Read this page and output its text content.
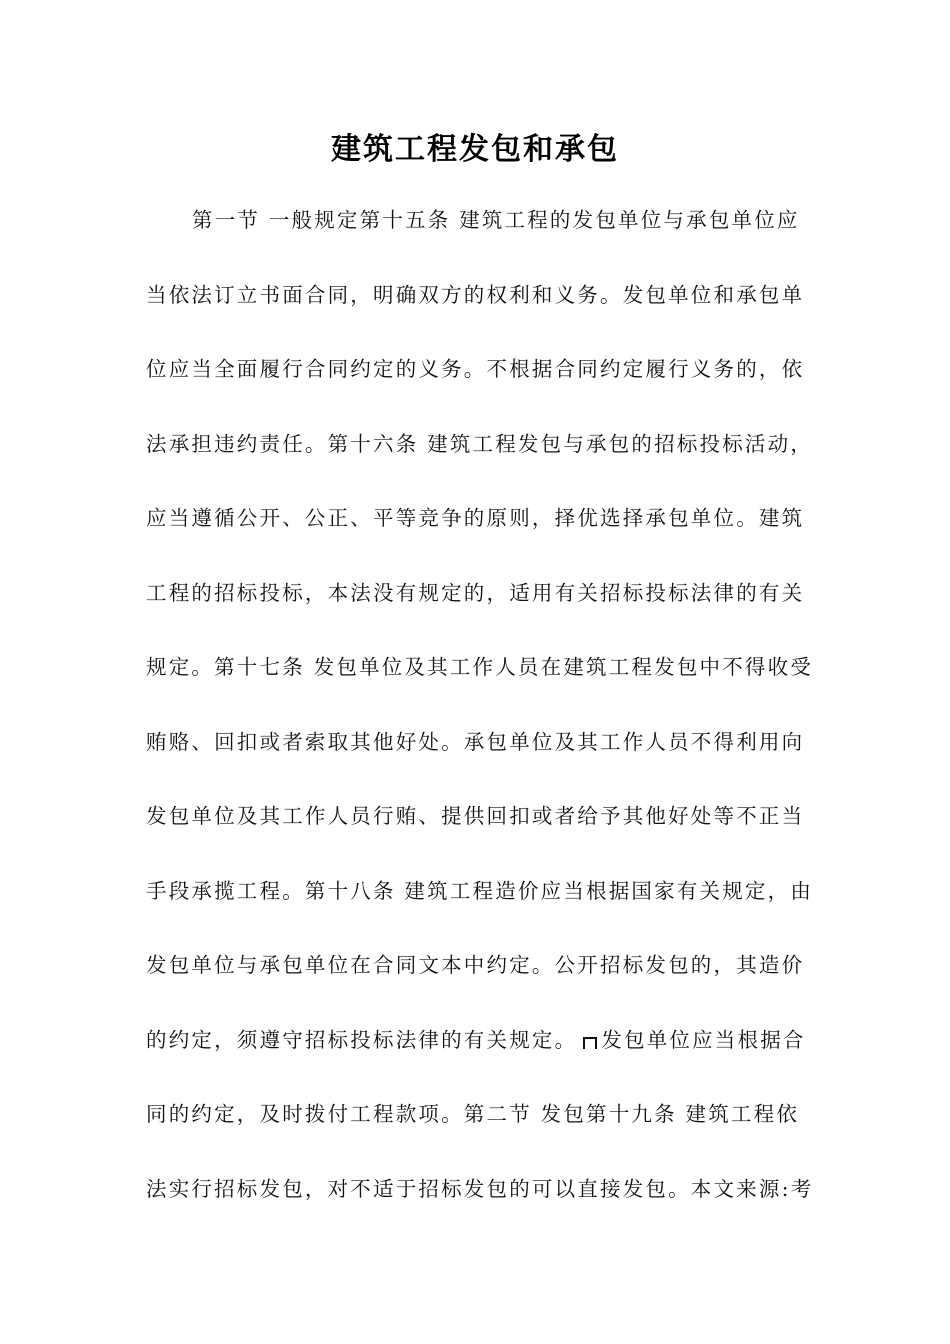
建筑工程发包和承包
第一节 一般规定第十五条 建筑工程的发包单位与承包单位应
当依法订立书面合同，明确双方的权利和义务。发包单位和承包单
位应当全面履行合同约定的义务。不根据合同约定履行义务的，依
法承担违约责任。第十六条 建筑工程发包与承包的招标投标活动，
应当遵循公开、公正、平等竞争的原则，择优选择承包单位。建筑
工程的招标投标，本法没有规定的，适用有关招标投标法律的有关
规定。第十七条 发包单位及其工作人员在建筑工程发包中不得收受
贿赂、回扣或者索取其他好处。承包单位及其工作人员不得利用向
发包单位及其工作人员行贿、提供回扣或者给予其他好处等不正当
手段承揽工程。第十八条 建筑工程造价应当根据国家有关规定，由
发包单位与承包单位在合同文本中约定。公开招标发包的，其造价
的约定，须遵守招标投标法律的有关规定。 发包单位应当根据合
同的约定，及时拨付工程款项。第二节 发包第十九条 建筑工程依
法实行招标发包，对不适于招标发包的可以直接发包。本文来源:考
